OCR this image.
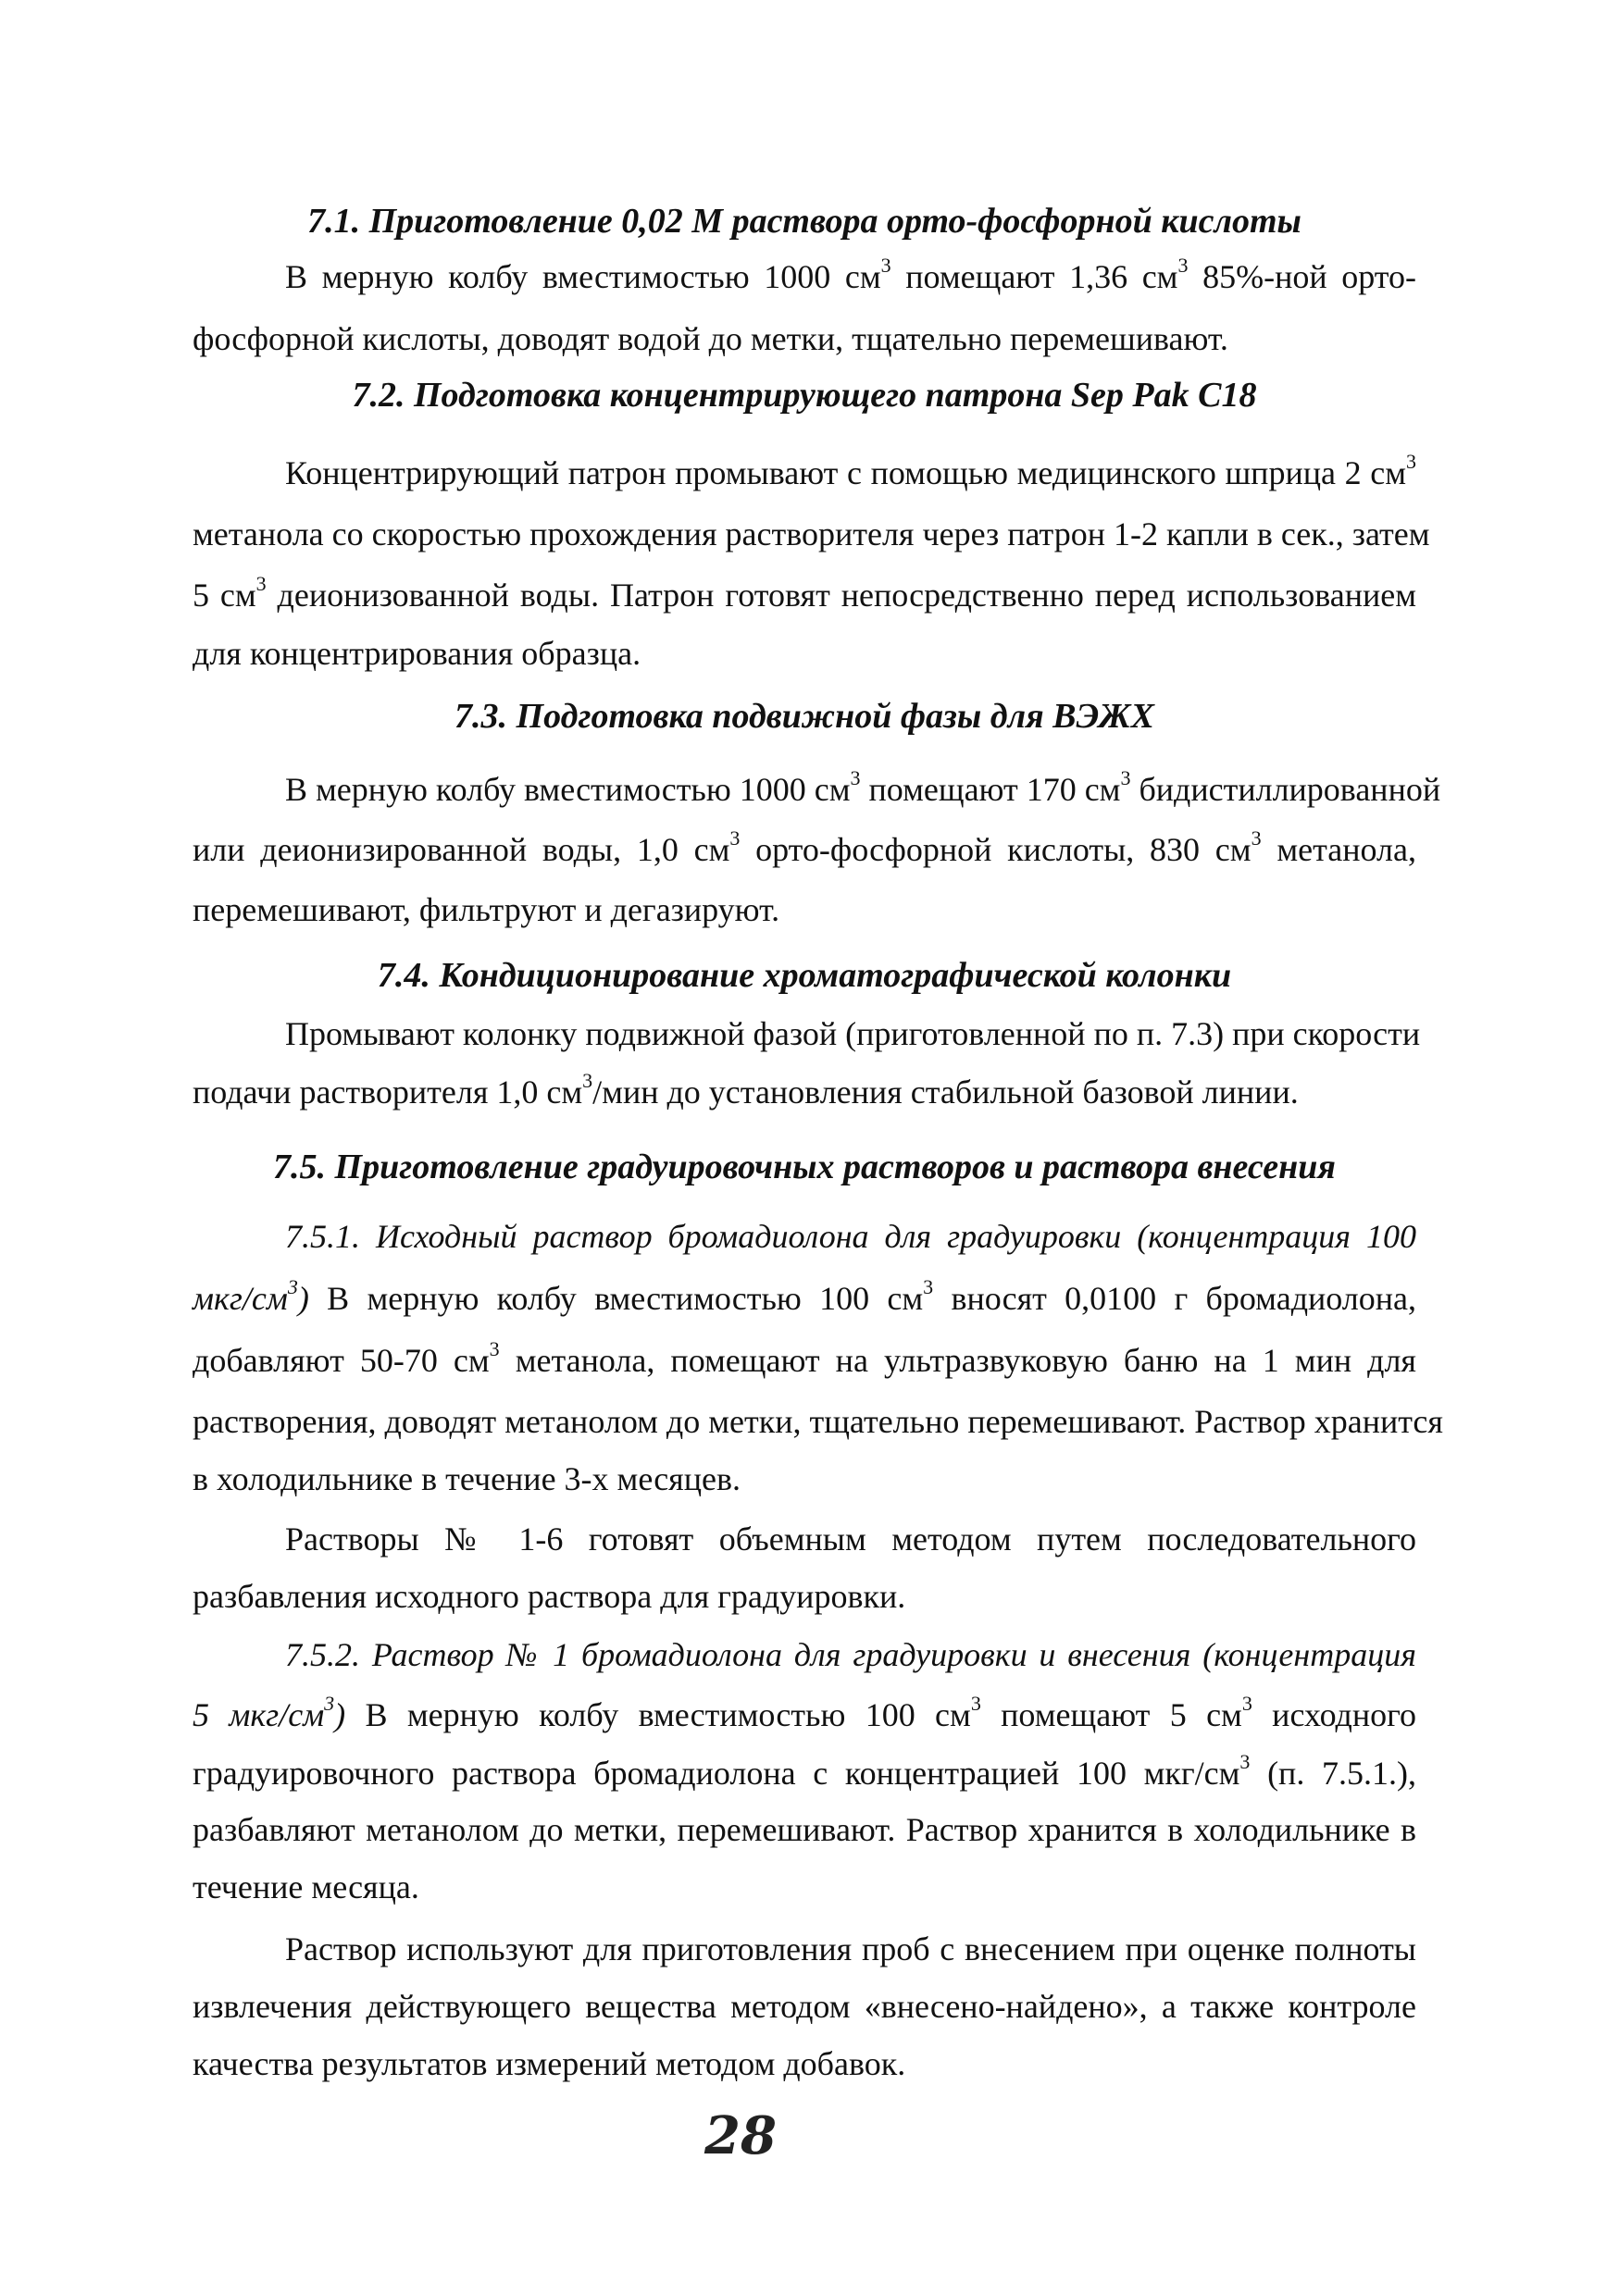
7.1. Приготовление 0,02 М раствора орто-фосфорной кислоты
В мерную колбу вместимостью 1000 $см^3$ помещают 1,36 $см^3$ 85%-ной орто-
фосфорной кислоты, доводят водой до метки, тщательно перемешивают.
7.2. Подготовка концентрирующего патрона Sep Pak C18
Концентрирующий патрон промывают с помощью медицинского шприца 2 $см^3$
метанола со скоростью прохождения растворителя через патрон 1-2 капли в сек., затем
5 $см^3$ деионизованной воды. Патрон готовят непосредственно перед использованием
для концентрирования образца.
7.3. Подготовка подвижной фазы для ВЭЖХ
В мерную колбу вместимостью 1000 $см^3$ помещают 170 $см^3$ бидистиллированной
или деионизированной воды, 1,0 $см^3$ орто-фосфорной кислоты, 830 $см^3$ метанола,
перемешивают, фильтруют и дегазируют.
7.4. Кондиционирование хроматографической колонки
Промывают колонку подвижной фазой (приготовленной по п. 7.3) при скорости
подачи растворителя 1,0 $см^3$/мин до установления стабильной базовой линии.
7.5. Приготовление градуировочных растворов и раствора внесения
7.5.1. Исходный раствор бромадиолона для градуировки (концентрация 100
мкг/$см^3$) В мерную колбу вместимостью 100 $см^3$ вносят 0,0100 г бромадиолона,
добавляют 50-70 $см^3$ метанола, помещают на ультразвуковую баню на 1 мин для
растворения, доводят метанолом до метки, тщательно перемешивают. Раствор хранится
в холодильнике в течение 3-х месяцев.
Растворы № 1-6 готовят объемным методом путем последовательного
разбавления исходного раствора для градуировки.
7.5.2. Раствор № 1 бромадиолона для градуировки и внесения (концентрация
5 мкг/$см^3$) В мерную колбу вместимостью 100 $см^3$ помещают 5 $см^3$ исходного
градуировочного раствора бромадиолона с концентрацией 100 мкг/$см^3$ (п. 7.5.1.),
разбавляют метанолом до метки, перемешивают. Раствор хранится в холодильнике в
течение месяца.
Раствор используют для приготовления проб с внесением при оценке полноты
извлечения действующего вещества методом «внесено-найдено», а также контроле
качества результатов измерений методом добавок.
28
